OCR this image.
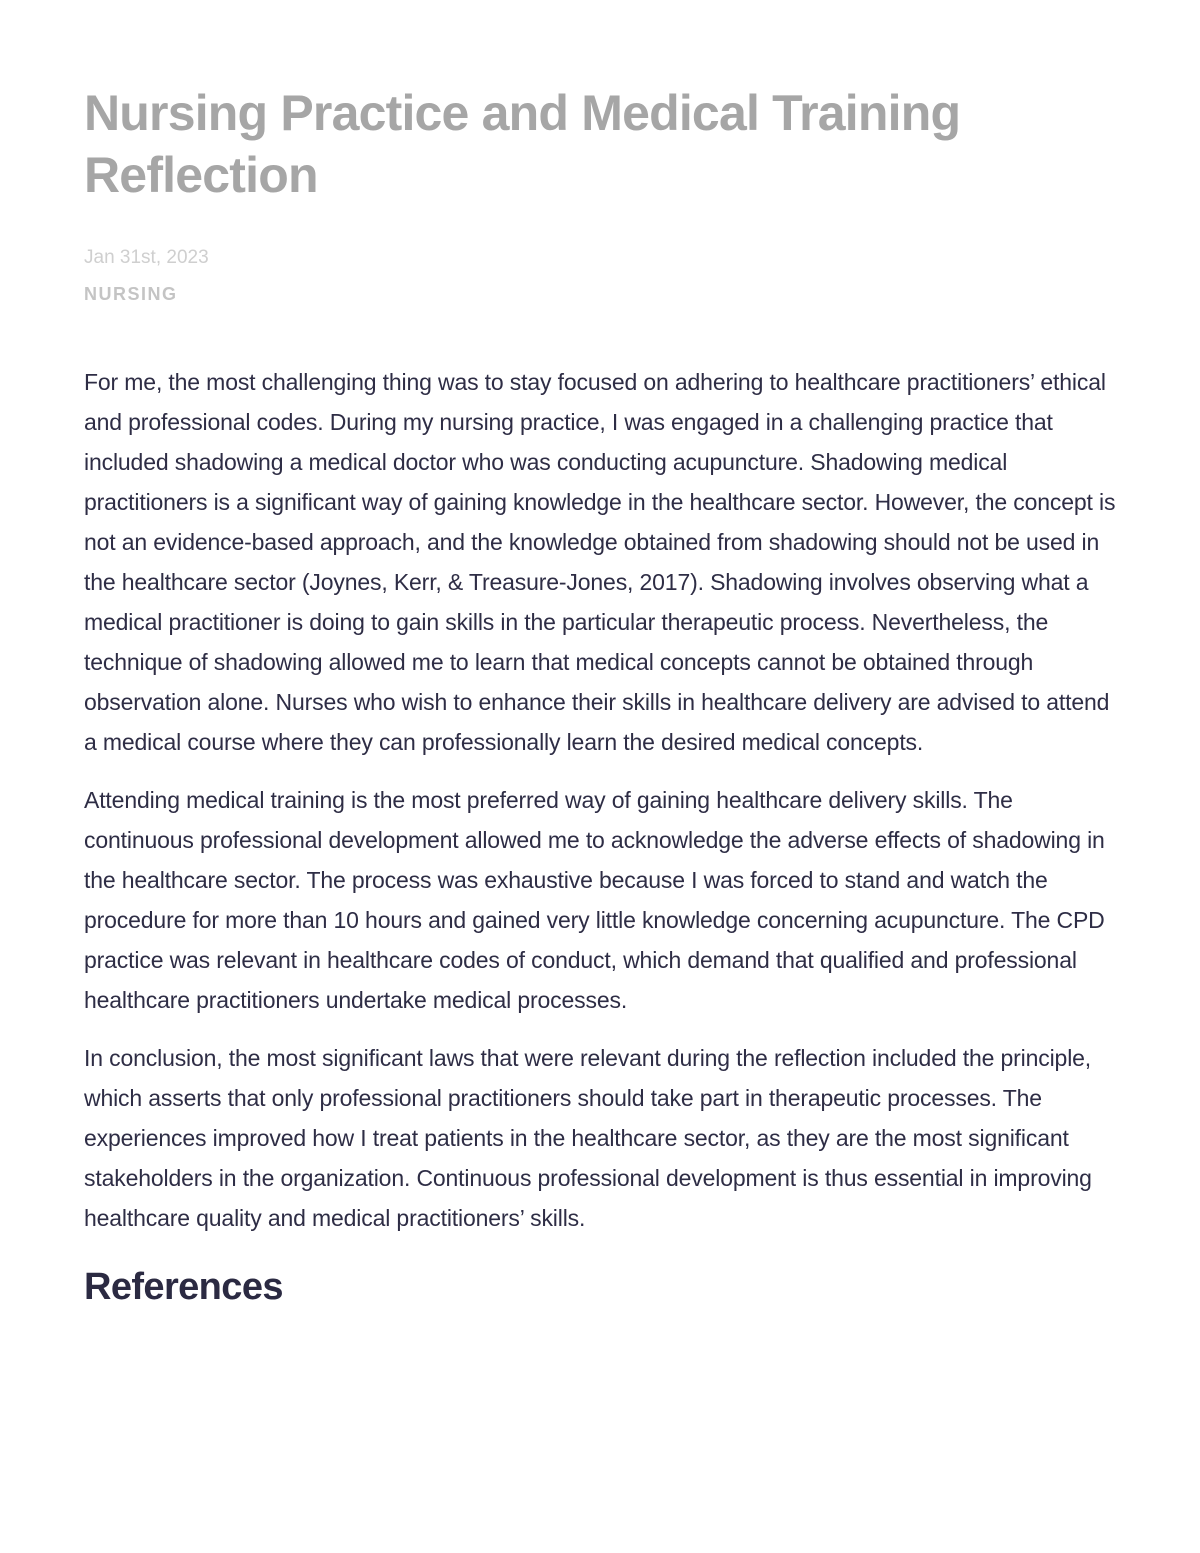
Nursing Practice and Medical Training Reflection
Jan 31st, 2023
NURSING

For me, the most challenging thing was to stay focused on adhering to healthcare practitioners’ ethical and professional codes. During my nursing practice, I was engaged in a challenging practice that included shadowing a medical doctor who was conducting acupuncture. Shadowing medical practitioners is a significant way of gaining knowledge in the healthcare sector. However, the concept is not an evidence-based approach, and the knowledge obtained from shadowing should not be used in the healthcare sector (Joynes, Kerr, & Treasure-Jones, 2017). Shadowing involves observing what a medical practitioner is doing to gain skills in the particular therapeutic process. Nevertheless, the technique of shadowing allowed me to learn that medical concepts cannot be obtained through observation alone. Nurses who wish to enhance their skills in healthcare delivery are advised to attend a medical course where they can professionally learn the desired medical concepts.

Attending medical training is the most preferred way of gaining healthcare delivery skills. The continuous professional development allowed me to acknowledge the adverse effects of shadowing in the healthcare sector. The process was exhaustive because I was forced to stand and watch the procedure for more than 10 hours and gained very little knowledge concerning acupuncture. The CPD practice was relevant in healthcare codes of conduct, which demand that qualified and professional healthcare practitioners undertake medical processes.

In conclusion, the most significant laws that were relevant during the reflection included the principle, which asserts that only professional practitioners should take part in therapeutic processes. The experiences improved how I treat patients in the healthcare sector, as they are the most significant stakeholders in the organization. Continuous professional development is thus essential in improving healthcare quality and medical practitioners’ skills.

References
